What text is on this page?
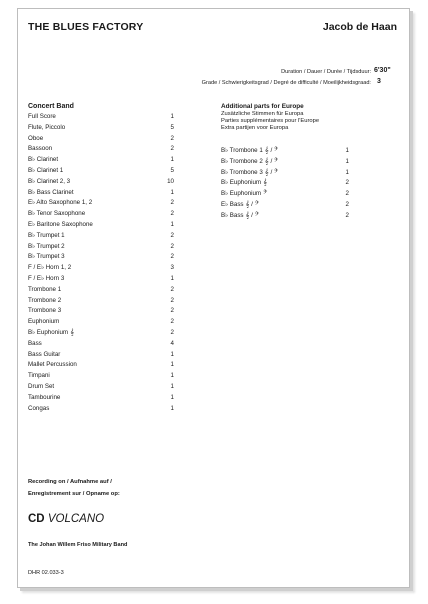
THE BLUES FACTORY	Jacob de Haan
Duration / Dauer / Durée / Tijdsduur: 6'30"
Grade / Schwierigkeitsgrad / Degré de difficulté / Moeilijkheidsgraad: 3
Concert Band
Full Score	1
Flute, Piccolo	5
Oboe	2
Bassoon	2
B♭ Clarinet	1
B♭ Clarinet 1	5
B♭ Clarinet 2, 3	10
B♭ Bass Clarinet	1
E♭ Alto Saxophone 1, 2	2
B♭ Tenor Saxophone	2
E♭ Baritone Saxophone	1
B♭ Trumpet 1	2
B♭ Trumpet 2	2
B♭ Trumpet 3	2
F / E♭ Horn 1, 2	3
F / E♭ Horn 3	1
Trombone 1	2
Trombone 2	2
Trombone 3	2
Euphonium	2
B♭ Euphonium 𝄞	2
Bass	4
Bass Guitar	1
Mallet Percussion	1
Timpani	1
Drum Set	1
Tambourine	1
Congas	1
Additional parts for Europe
Zusätzliche Stimmen für Europa
Parties supplémentaires pour l'Europe
Extra partijen voor Europa
B♭ Trombone 1 𝄞 / 𝄢	1
B♭ Trombone 2 𝄞 / 𝄢	1
B♭ Trombone 3 𝄞 / 𝄢	1
B♭ Euphonium 𝄞	2
B♭ Euphonium 𝄢	2
E♭ Bass 𝄞 / 𝄢	2
B♭ Bass 𝄞 / 𝄢	2
Recording on / Aufnahme auf /
Enregistrement sur / Opname op:
CD VOLCANO
The Johan Willem Friso Military Band
DHR 02.033-3
